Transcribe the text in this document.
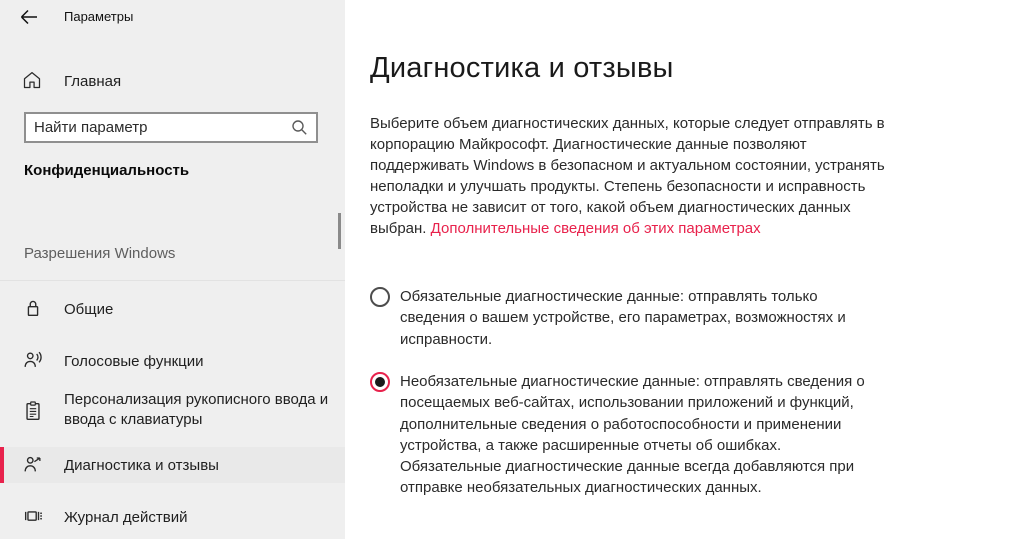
Параметры
Главная
Найти параметр
Конфиденциальность
Разрешения Windows
Общие
Голосовые функции
Персонализация рукописного ввода и ввода с клавиатуры
Диагностика и отзывы
Журнал действий
Диагностика и отзывы

Выберите объем диагностических данных, которые следует отправлять в корпорацию Майкрософт. Диагностические данные позволяют поддерживать Windows в безопасном и актуальном состоянии, устранять неполадки и улучшать продукты. Степень безопасности и исправность устройства не зависит от того, какой объем диагностических данных выбран. Дополнительные сведения об этих параметрах

Обязательные диагностические данные: отправлять только сведения о вашем устройстве, его параметрах, возможностях и исправности.
Необязательные диагностические данные: отправлять сведения о посещаемых веб-сайтах, использовании приложений и функций, дополнительные сведения о работоспособности и применении устройства, а также расширенные отчеты об ошибках. Обязательные диагностические данные всегда добавляются при отправке необязательных диагностических данных.
